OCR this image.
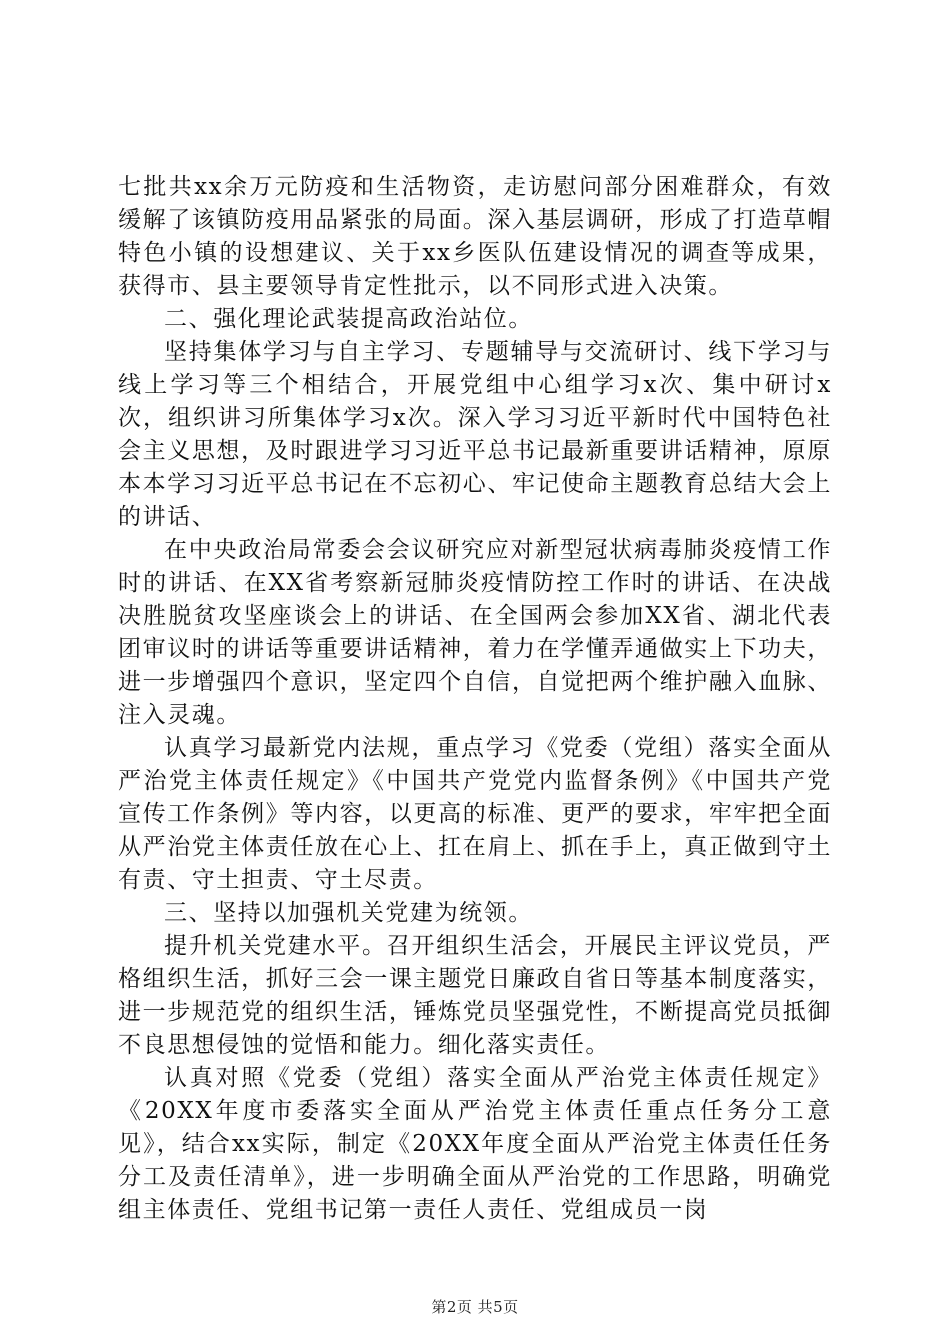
七批共xx余万元防疫和生活物资，走访慰问部分困难群众，有效缓解了该镇防疫用品紧张的局面。深入基层调研，形成了打造草帽特色小镇的设想建议、关于xx乡医队伍建设情况的调查等成果，获得市、县主要领导肯定性批示，以不同形式进入决策。

二、强化理论武装提高政治站位。

坚持集体学习与自主学习、专题辅导与交流研讨、线下学习与线上学习等三个相结合，开展党组中心组学习x次、集中研讨x次，组织讲习所集体学习x次。深入学习习近平新时代中国特色社会主义思想，及时跟进学习习近平总书记最新重要讲话精神，原原本本学习习近平总书记在不忘初心、牢记使命主题教育总结大会上的讲话、

在中央政治局常委会会议研究应对新型冠状病毒肺炎疫情工作时的讲话、在XX省考察新冠肺炎疫情防控工作时的讲话、在决战决胜脱贫攻坚座谈会上的讲话、在全国两会参加XX省、湖北代表团审议时的讲话等重要讲话精神，着力在学懂弄通做实上下功夫，进一步增强四个意识，坚定四个自信，自觉把两个维护融入血脉、注入灵魂。

认真学习最新党内法规，重点学习《党委（党组）落实全面从严治党主体责任规定》《中国共产党党内监督条例》《中国共产党宣传工作条例》等内容，以更高的标准、更严的要求，牢牢把全面从严治党主体责任放在心上、扛在肩上、抓在手上，真正做到守土有责、守土担责、守土尽责。

三、坚持以加强机关党建为统领。

提升机关党建水平。召开组织生活会，开展民主评议党员，严格组织生活，抓好三会一课主题党日廉政自省日等基本制度落实，进一步规范党的组织生活，锤炼党员坚强党性，不断提高党员抵御不良思想侵蚀的觉悟和能力。细化落实责任。

认真对照《党委（党组）落实全面从严治党主体责任规定》《20XX年度市委落实全面从严治党主体责任重点任务分工意见》，结合xx实际，制定《20XX年度全面从严治党主体责任任务分工及责任清单》，进一步明确全面从严治党的工作思路，明确党组主体责任、党组书记第一责任人责任、党组成员一岗

第2页 共5页
